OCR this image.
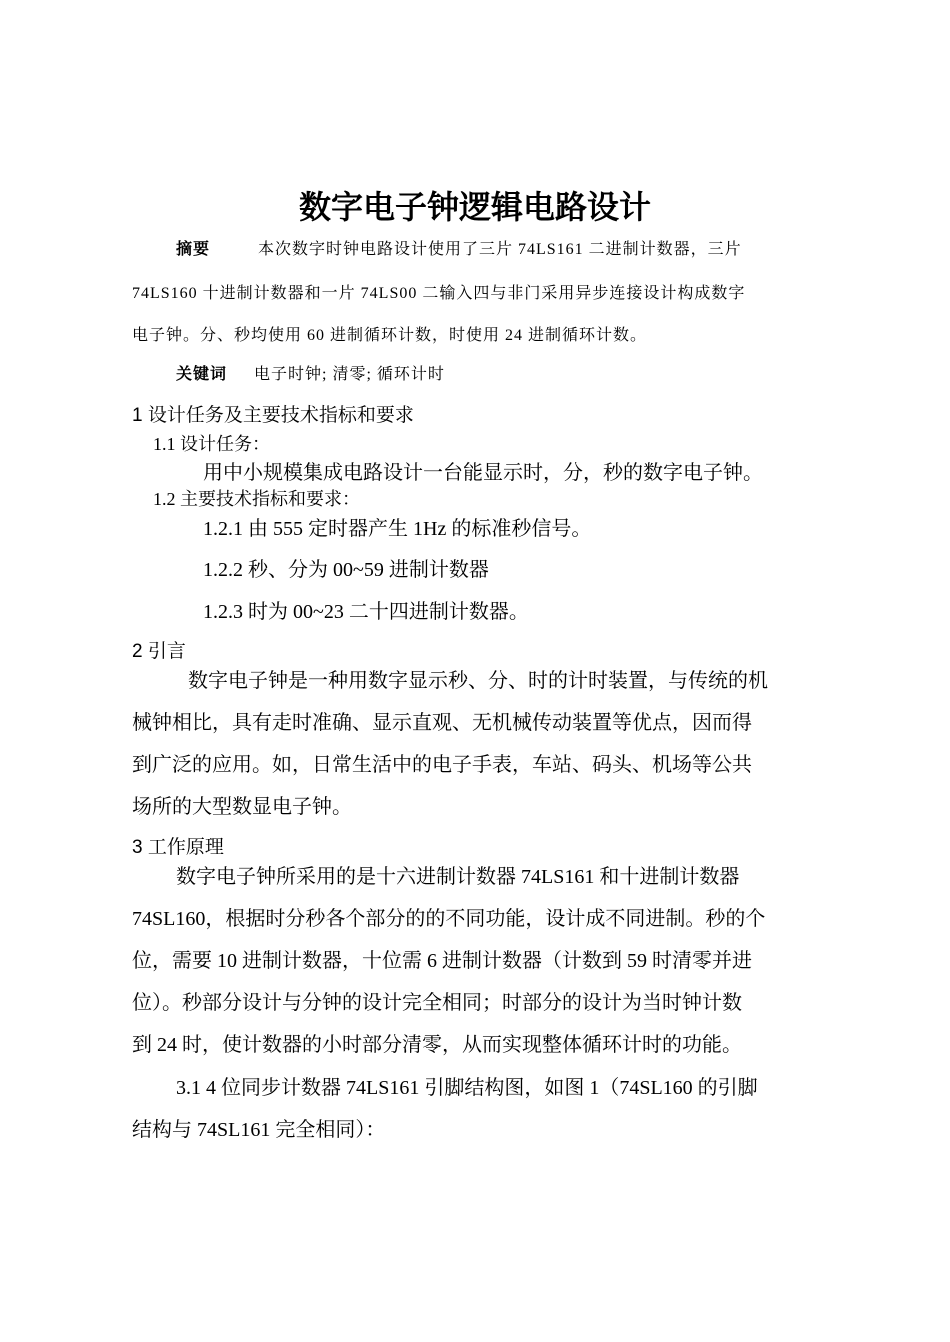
数字电子钟逻辑电路设计
摘要	本次数字时钟电路设计使用了三片 74LS161 二进制计数器，三片
74LS160 十进制计数器和一片 74LS00 二输入四与非门采用异步连接设计构成数字
电子钟。分、秒均使用 60 进制循环计数，时使用 24 进制循环计数。
关键词 电子时钟; 清零; 循环计时
1 设计任务及主要技术指标和要求
1.1 设计任务：
用中小规模集成电路设计一台能显示时，分，秒的数字电子钟。
1.2 主要技术指标和要求：
1.2.1 由 555 定时器产生 1Hz 的标准秒信号。
1.2.2 秒、分为 00~59 进制计数器
1.2.3 时为 00~23 二十四进制计数器。
2 引言
数字电子钟是一种用数字显示秒、分、时的计时装置，与传统的机
械钟相比，具有走时准确、显示直观、无机械传动装置等优点，因而得
到广泛的应用。如，日常生活中的电子手表，车站、码头、机场等公共
场所的大型数显电子钟。
3 工作原理
数字电子钟所采用的是十六进制计数器 74LS161 和十进制计数器
74SL160，根据时分秒各个部分的的不同功能，设计成不同进制。秒的个
位，需要 10 进制计数器，十位需 6 进制计数器（计数到 59 时清零并进
位）。秒部分设计与分钟的设计完全相同；时部分的设计为当时钟计数
到 24 时，使计数器的小时部分清零，从而实现整体循环计时的功能。
3.1 4 位同步计数器 74LS161 引脚结构图，如图 1（74SL160 的引脚
结构与 74SL161 完全相同）：
